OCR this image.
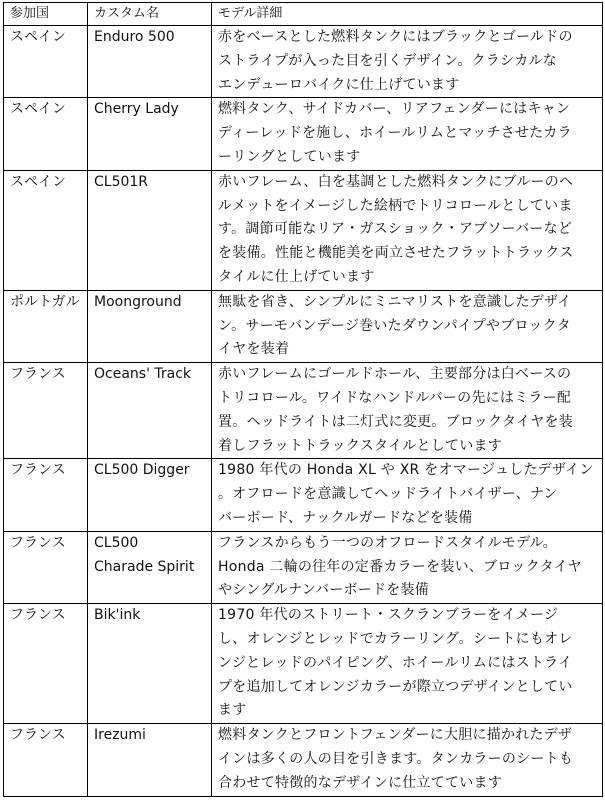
参加国	カスタム名	モデル詳細
スペイン	Enduro 500	赤をベースとした燃料タンクにはブラックとゴールドの
ストライプが入った目を引くデザイン。クラシカルな
エンデューロバイクに仕上げています

スペイン	Cherry Lady	燃料タンク、サイドカバー、リアフェンダーにはキャン
ディーレッドを施し、ホイールリムとマッチさせたカラ
ーリングとしています

スペイン	CL501R	赤いフレーム、白を基調とした燃料タンクにブルーのヘ
ルメットをイメージした絵柄でトリコロールとしていま
す。調節可能なリア・ガスショック・アブソーバーなど
を装備。性能と機能美を両立させたフラットトラックス
タイルに仕上げています

ポルトガル	Moonground	無駄を省き、シンプルにミニマリストを意識したデザイ
ン。サーモバンデージ巻いたダウンパイプやブロックタ
イヤを装着

フランス	Oceans' Track	赤いフレームにゴールドホール、主要部分は白ベースの
トリコロール。ワイドなハンドルバーの先にはミラー配
置。ヘッドライトは二灯式に変更。ブロックタイヤを装
着しフラットトラックスタイルとしています

フランス	CL500 Digger	1980 年代の Honda XL や XR をオマージュしたデザイン
。オフロードを意識してヘッドライトバイザー、ナン
バーボード、ナックルガードなどを装備

フランス	CL500
Charade Spirit	フランスからもう一つのオフロードスタイルモデル。
Honda 二輪の往年の定番カラーを装い、ブロックタイヤ
やシングルナンバーボードを装備

フランス	Bik'ink	1970 年代のストリート・スクランブラーをイメージ
し、オレンジとレッドでカラーリング。シートにもオレ
ンジとレッドのパイピング、ホイールリムにはストライ
プを追加してオレンジカラーが際立つデザインとしてい
ます

フランス	Irezumi	燃料タンクとフロントフェンダーに大胆に描かれたデザ
インは多くの人の目を引きます。タンカラーのシートも
合わせて特徴的なデザインに仕立てています
